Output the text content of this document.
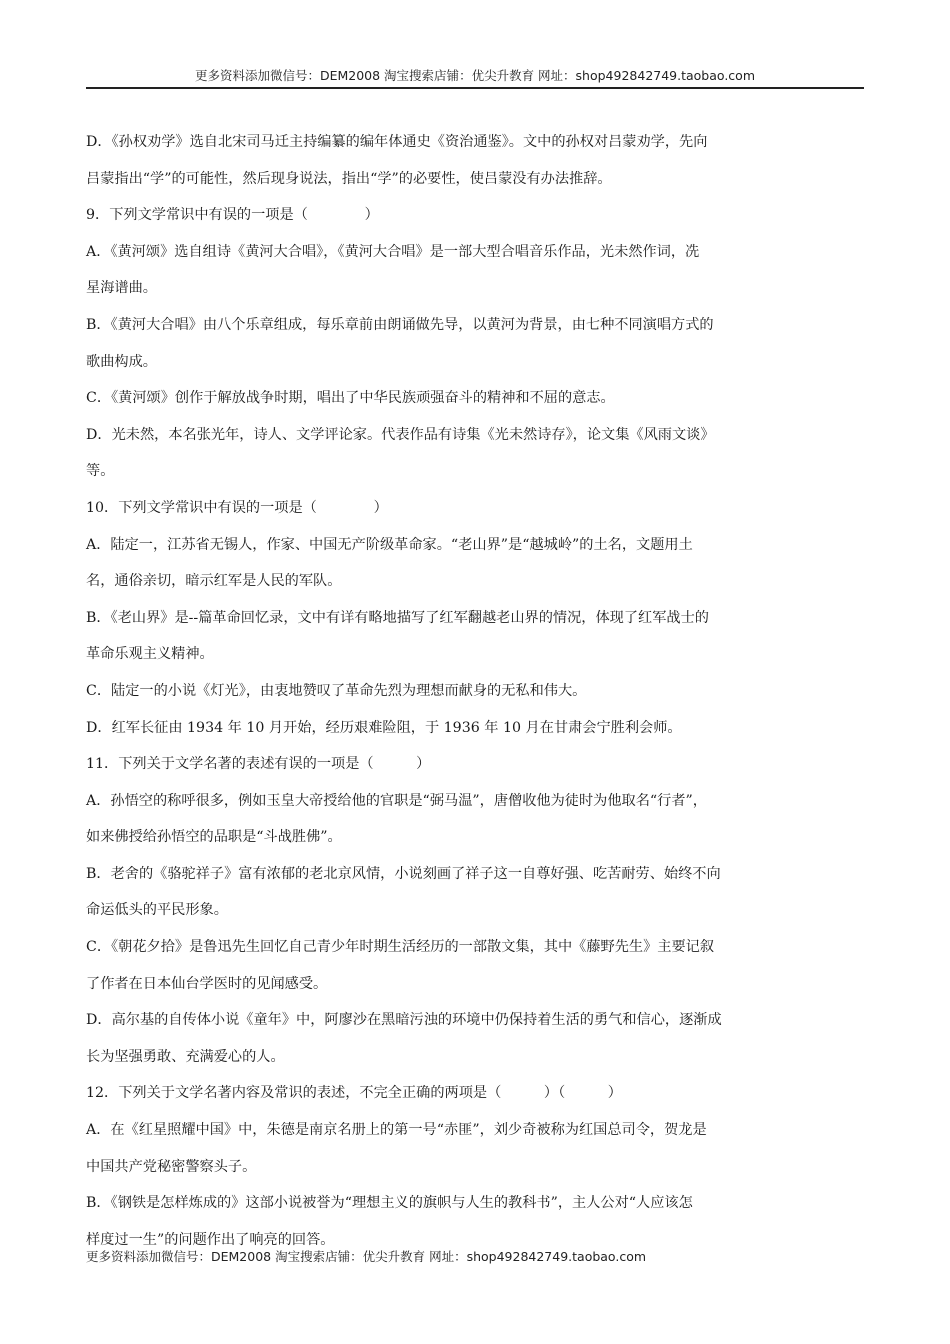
更多资料添加微信号：DEM2008 淘宝搜索店铺：优尖升教育 网址：shop492842749.taobao.com

D．《孙权劝学》选自北宋司马迁主持编纂的编年体通史《资治通鉴》。文中的孙权对吕蒙劝学，先向

吕蒙指出“学”的可能性，然后现身说法，指出“学”的必要性，使吕蒙没有办法推辞。

9．下列文学常识中有误的一项是（　　　　）

A．《黄河颂》选自组诗《黄河大合唱》，《黄河大合唱》是一部大型合唱音乐作品，光未然作词，冼

星海谱曲。

B．《黄河大合唱》由八个乐章组成，每乐章前由朗诵做先导，以黄河为背景，由七种不同演唱方式的

歌曲构成。

C．《黄河颂》创作于解放战争时期，唱出了中华民族顽强奋斗的精神和不屈的意志。

D．光未然，本名张光年，诗人、文学评论家。代表作品有诗集《光未然诗存》，论文集《风雨文谈》

等。

10．下列文学常识中有误的一项是（　　　　）

A．陆定一，江苏省无锡人，作家、中国无产阶级革命家。“老山界”是“越城岭”的土名，文题用土

名，通俗亲切，暗示红军是人民的军队。

B．《老山界》是--篇革命回忆录，文中有详有略地描写了红军翻越老山界的情况，体现了红军战士的

革命乐观主义精神。

C．陆定一的小说《灯光》，由衷地赞叹了革命先烈为理想而献身的无私和伟大。

D．红军长征由 1934 年 10 月开始，经历艰难险阻，于 1936 年 10 月在甘肃会宁胜利会师。

11．下列关于文学名著的表述有误的一项是（　　　）

A．孙悟空的称呼很多，例如玉皇大帝授给他的官职是“弼马温”，唐僧收他为徒时为他取名“行者”，

如来佛授给孙悟空的品职是“斗战胜佛”。

B．老舍的《骆驼祥子》富有浓郁的老北京风情，小说刻画了祥子这一自尊好强、吃苦耐劳、始终不向

命运低头的平民形象。

C．《朝花夕拾》是鲁迅先生回忆自己青少年时期生活经历的一部散文集，其中《藤野先生》主要记叙

了作者在日本仙台学医时的见闻感受。

D．高尔基的自传体小说《童年》中，阿廖沙在黑暗污浊的环境中仍保持着生活的勇气和信心，逐渐成

长为坚强勇敢、充满爱心的人。

12．下列关于文学名著内容及常识的表述，不完全正确的两项是（　　　）（　　　）

A．在《红星照耀中国》中，朱德是南京名册上的第一号“赤匪”，刘少奇被称为红国总司令，贺龙是

中国共产党秘密警察头子。

B．《钢铁是怎样炼成的》这部小说被誉为“理想主义的旗帜与人生的教科书”，主人公对“人应该怎

样度过一生”的问题作出了响亮的回答。

更多资料添加微信号：DEM2008 淘宝搜索店铺：优尖升教育 网址：shop492842749.taobao.com
